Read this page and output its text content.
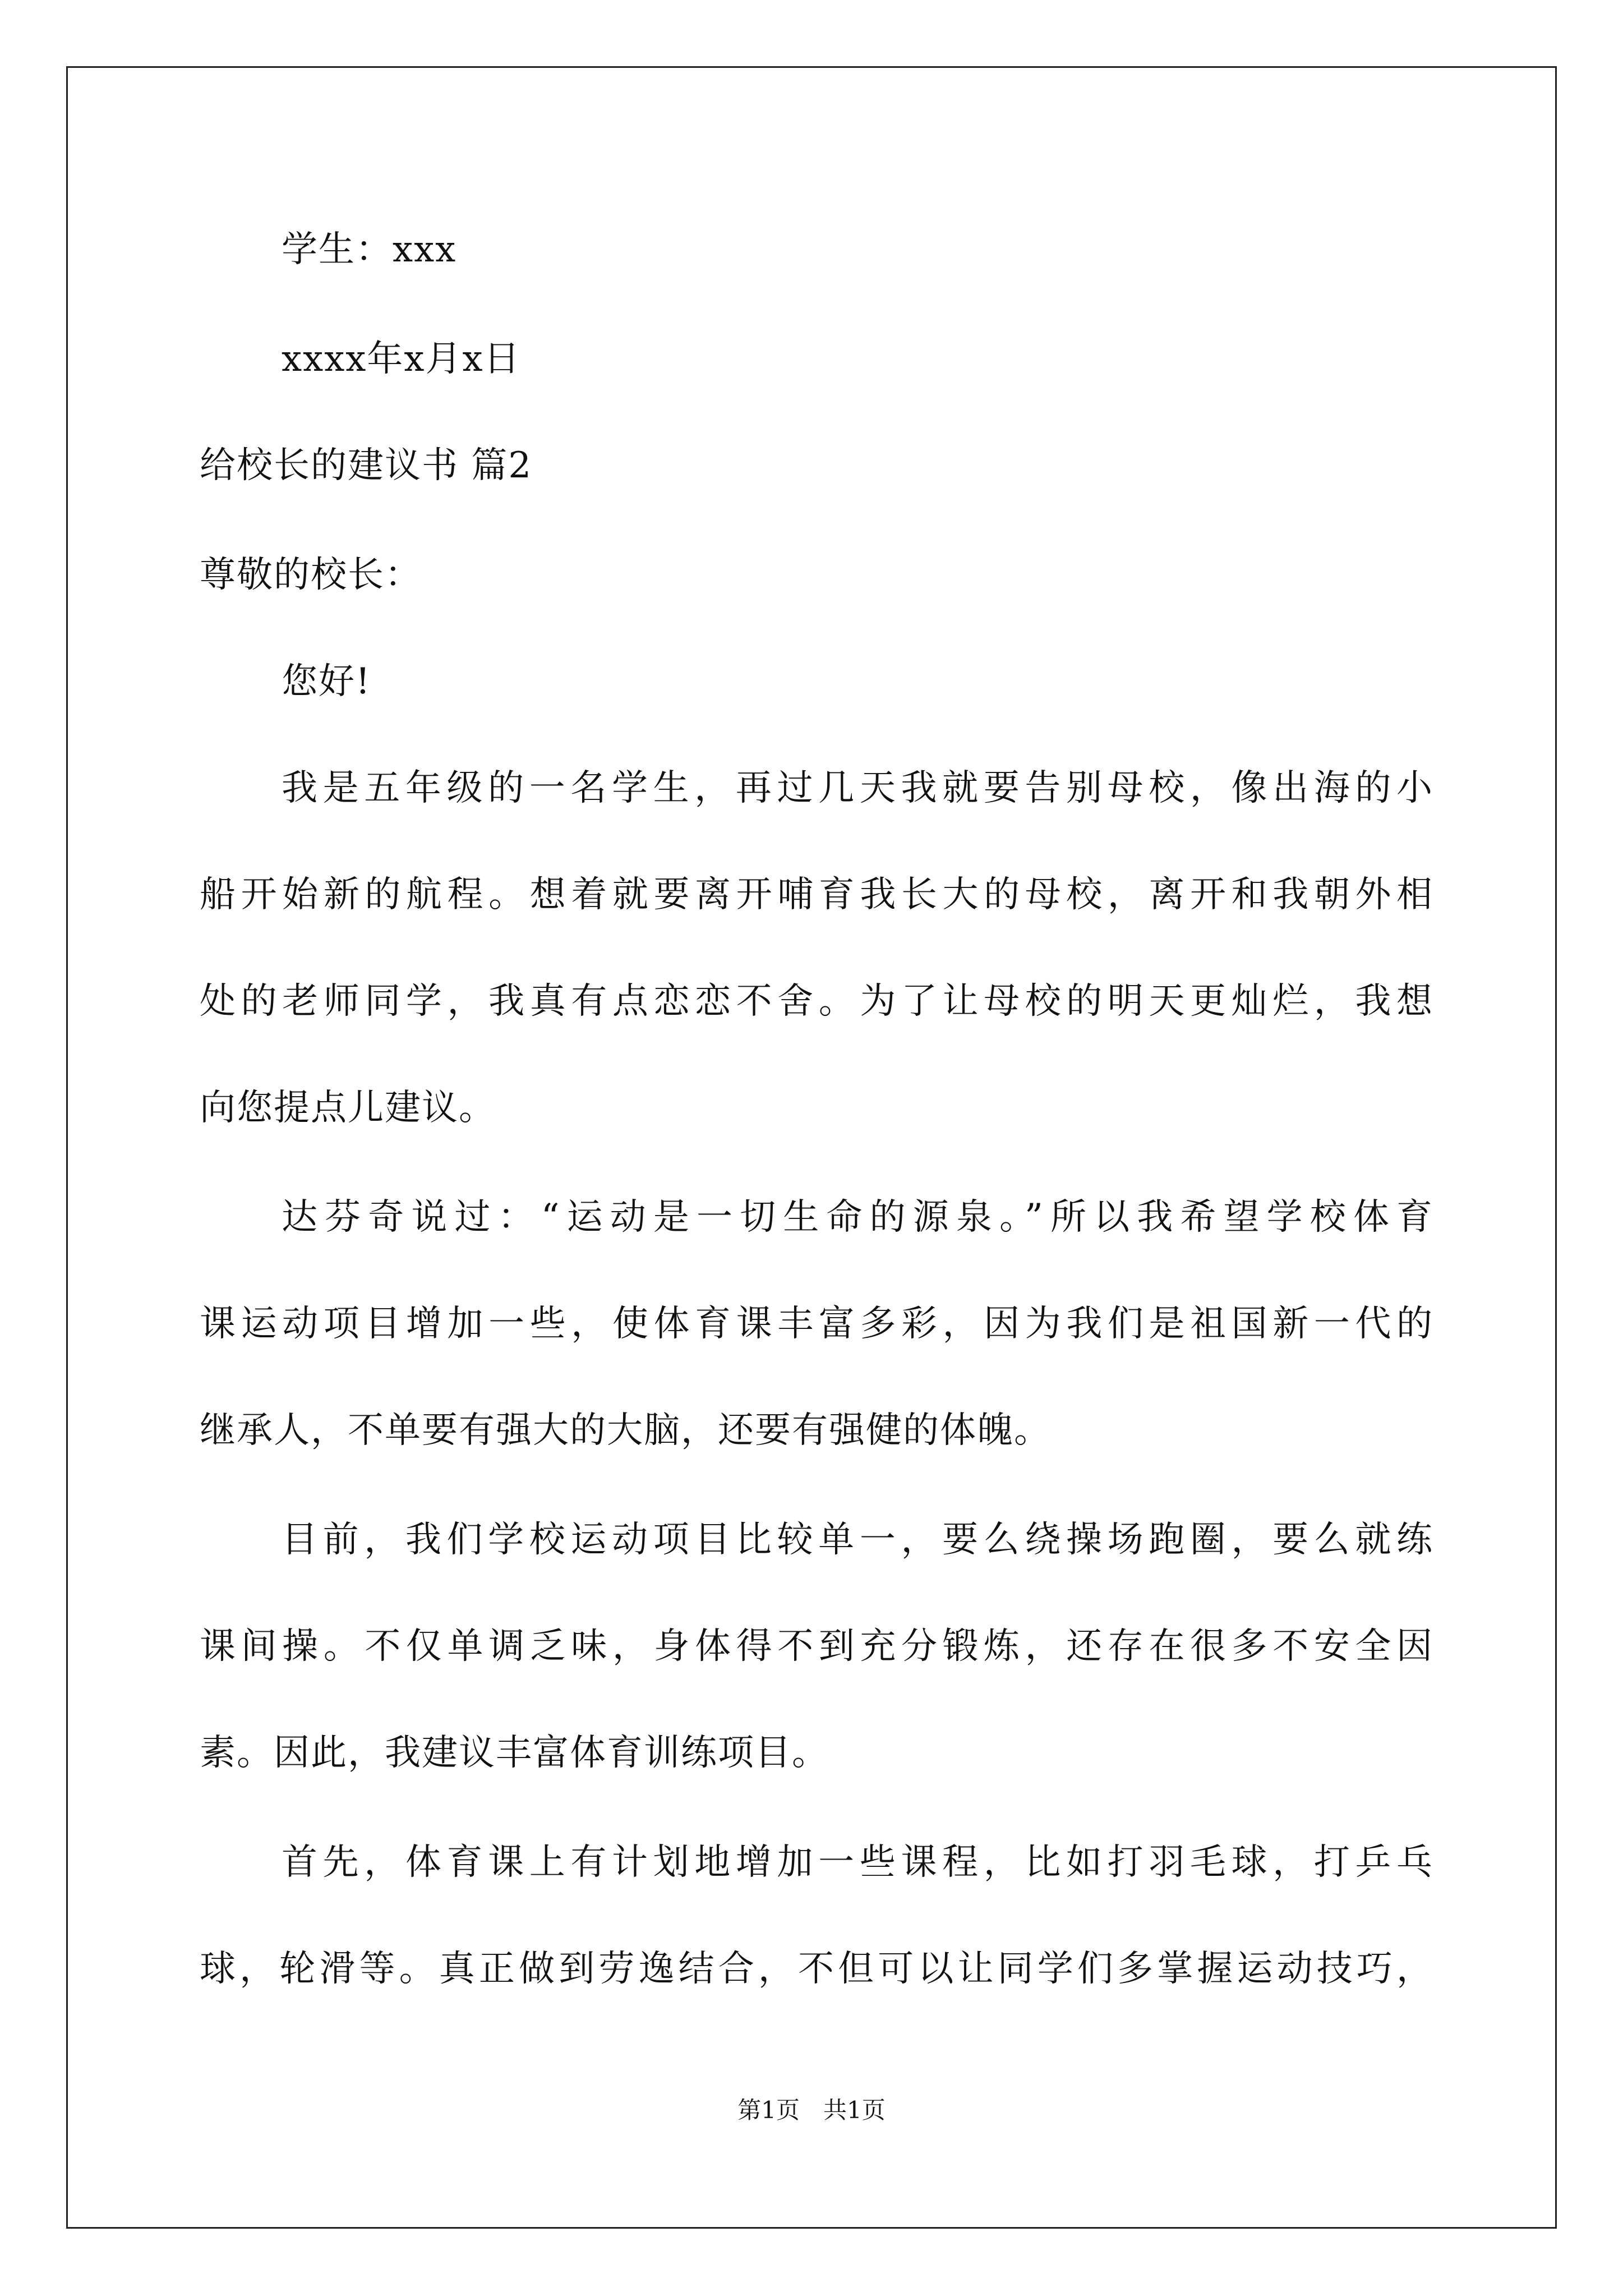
学生：xxx
xxxx年x月x日
给校长的建议书 篇2
尊敬的校长：
您好!
我是五年级的一名学生，再过几天我就要告别母校，像出海的小
船开始新的航程。想着就要离开哺育我长大的母校，离开和我朝外相
处的老师同学，我真有点恋恋不舍。为了让母校的明天更灿烂，我想
向您提点儿建议。
达芬奇说过：“运动是一切生命的源泉。”所以我希望学校体育
课运动项目增加一些，使体育课丰富多彩，因为我们是祖国新一代的
继承人，不单要有强大的大脑，还要有强健的体魄。
目前，我们学校运动项目比较单一，要么绕操场跑圈，要么就练
课间操。不仅单调乏味，身体得不到充分锻炼，还存在很多不安全因
素。因此，我建议丰富体育训练项目。
首先，体育课上有计划地增加一些课程，比如打羽毛球，打乒乓
球，轮滑等。真正做到劳逸结合，不但可以让同学们多掌握运动技巧，
第1页　共1页
